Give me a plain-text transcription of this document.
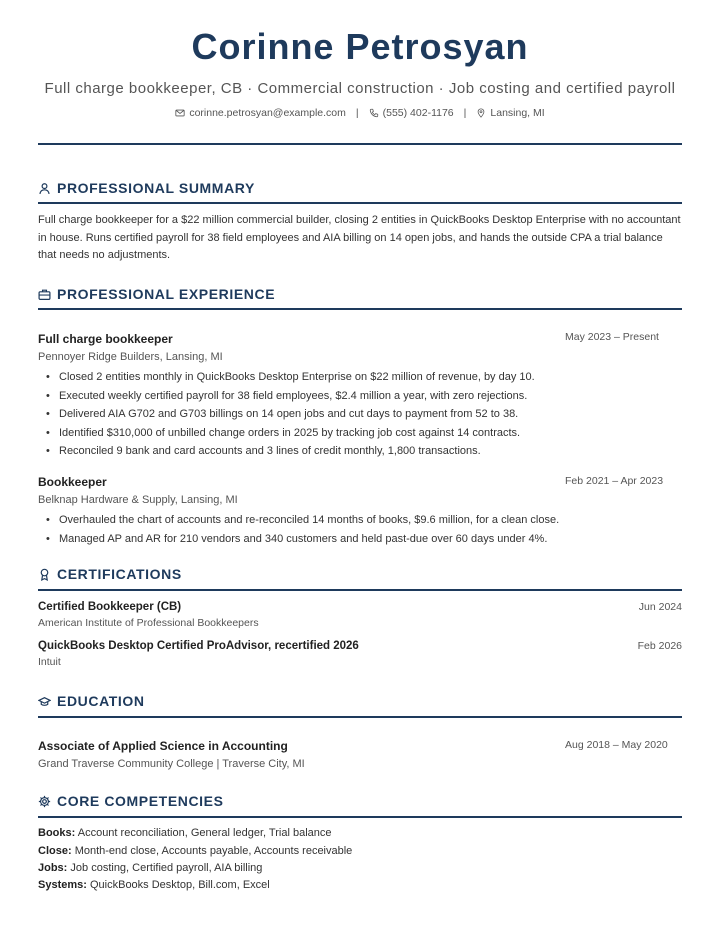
Corinne Petrosyan
Full charge bookkeeper, CB · Commercial construction · Job costing and certified payroll
corinne.petrosyan@example.com | (555) 402-1176 | Lansing, MI
PROFESSIONAL SUMMARY
Full charge bookkeeper for a $22 million commercial builder, closing 2 entities in QuickBooks Desktop Enterprise with no accountant in house. Runs certified payroll for 38 field employees and AIA billing on 14 open jobs, and hands the outside CPA a trial balance that needs no adjustments.
PROFESSIONAL EXPERIENCE
Full charge bookkeeper	May 2023 – Present
Pennoyer Ridge Builders, Lansing, MI
• Closed 2 entities monthly in QuickBooks Desktop Enterprise on $22 million of revenue, by day 10.
• Executed weekly certified payroll for 38 field employees, $2.4 million a year, with zero rejections.
• Delivered AIA G702 and G703 billings on 14 open jobs and cut days to payment from 52 to 38.
• Identified $310,000 of unbilled change orders in 2025 by tracking job cost against 14 contracts.
• Reconciled 9 bank and card accounts and 3 lines of credit monthly, 1,800 transactions.
Bookkeeper	Feb 2021 – Apr 2023
Belknap Hardware & Supply, Lansing, MI
• Overhauled the chart of accounts and re-reconciled 14 months of books, $9.6 million, for a clean close.
• Managed AP and AR for 210 vendors and 340 customers and held past-due over 60 days under 4%.
CERTIFICATIONS
Certified Bookkeeper (CB)	Jun 2024
American Institute of Professional Bookkeepers
QuickBooks Desktop Certified ProAdvisor, recertified 2026	Feb 2026
Intuit
EDUCATION
Associate of Applied Science in Accounting	Aug 2018 – May 2020
Grand Traverse Community College | Traverse City, MI
CORE COMPETENCIES
Books: Account reconciliation, General ledger, Trial balance
Close: Month-end close, Accounts payable, Accounts receivable
Jobs: Job costing, Certified payroll, AIA billing
Systems: QuickBooks Desktop, Bill.com, Excel
